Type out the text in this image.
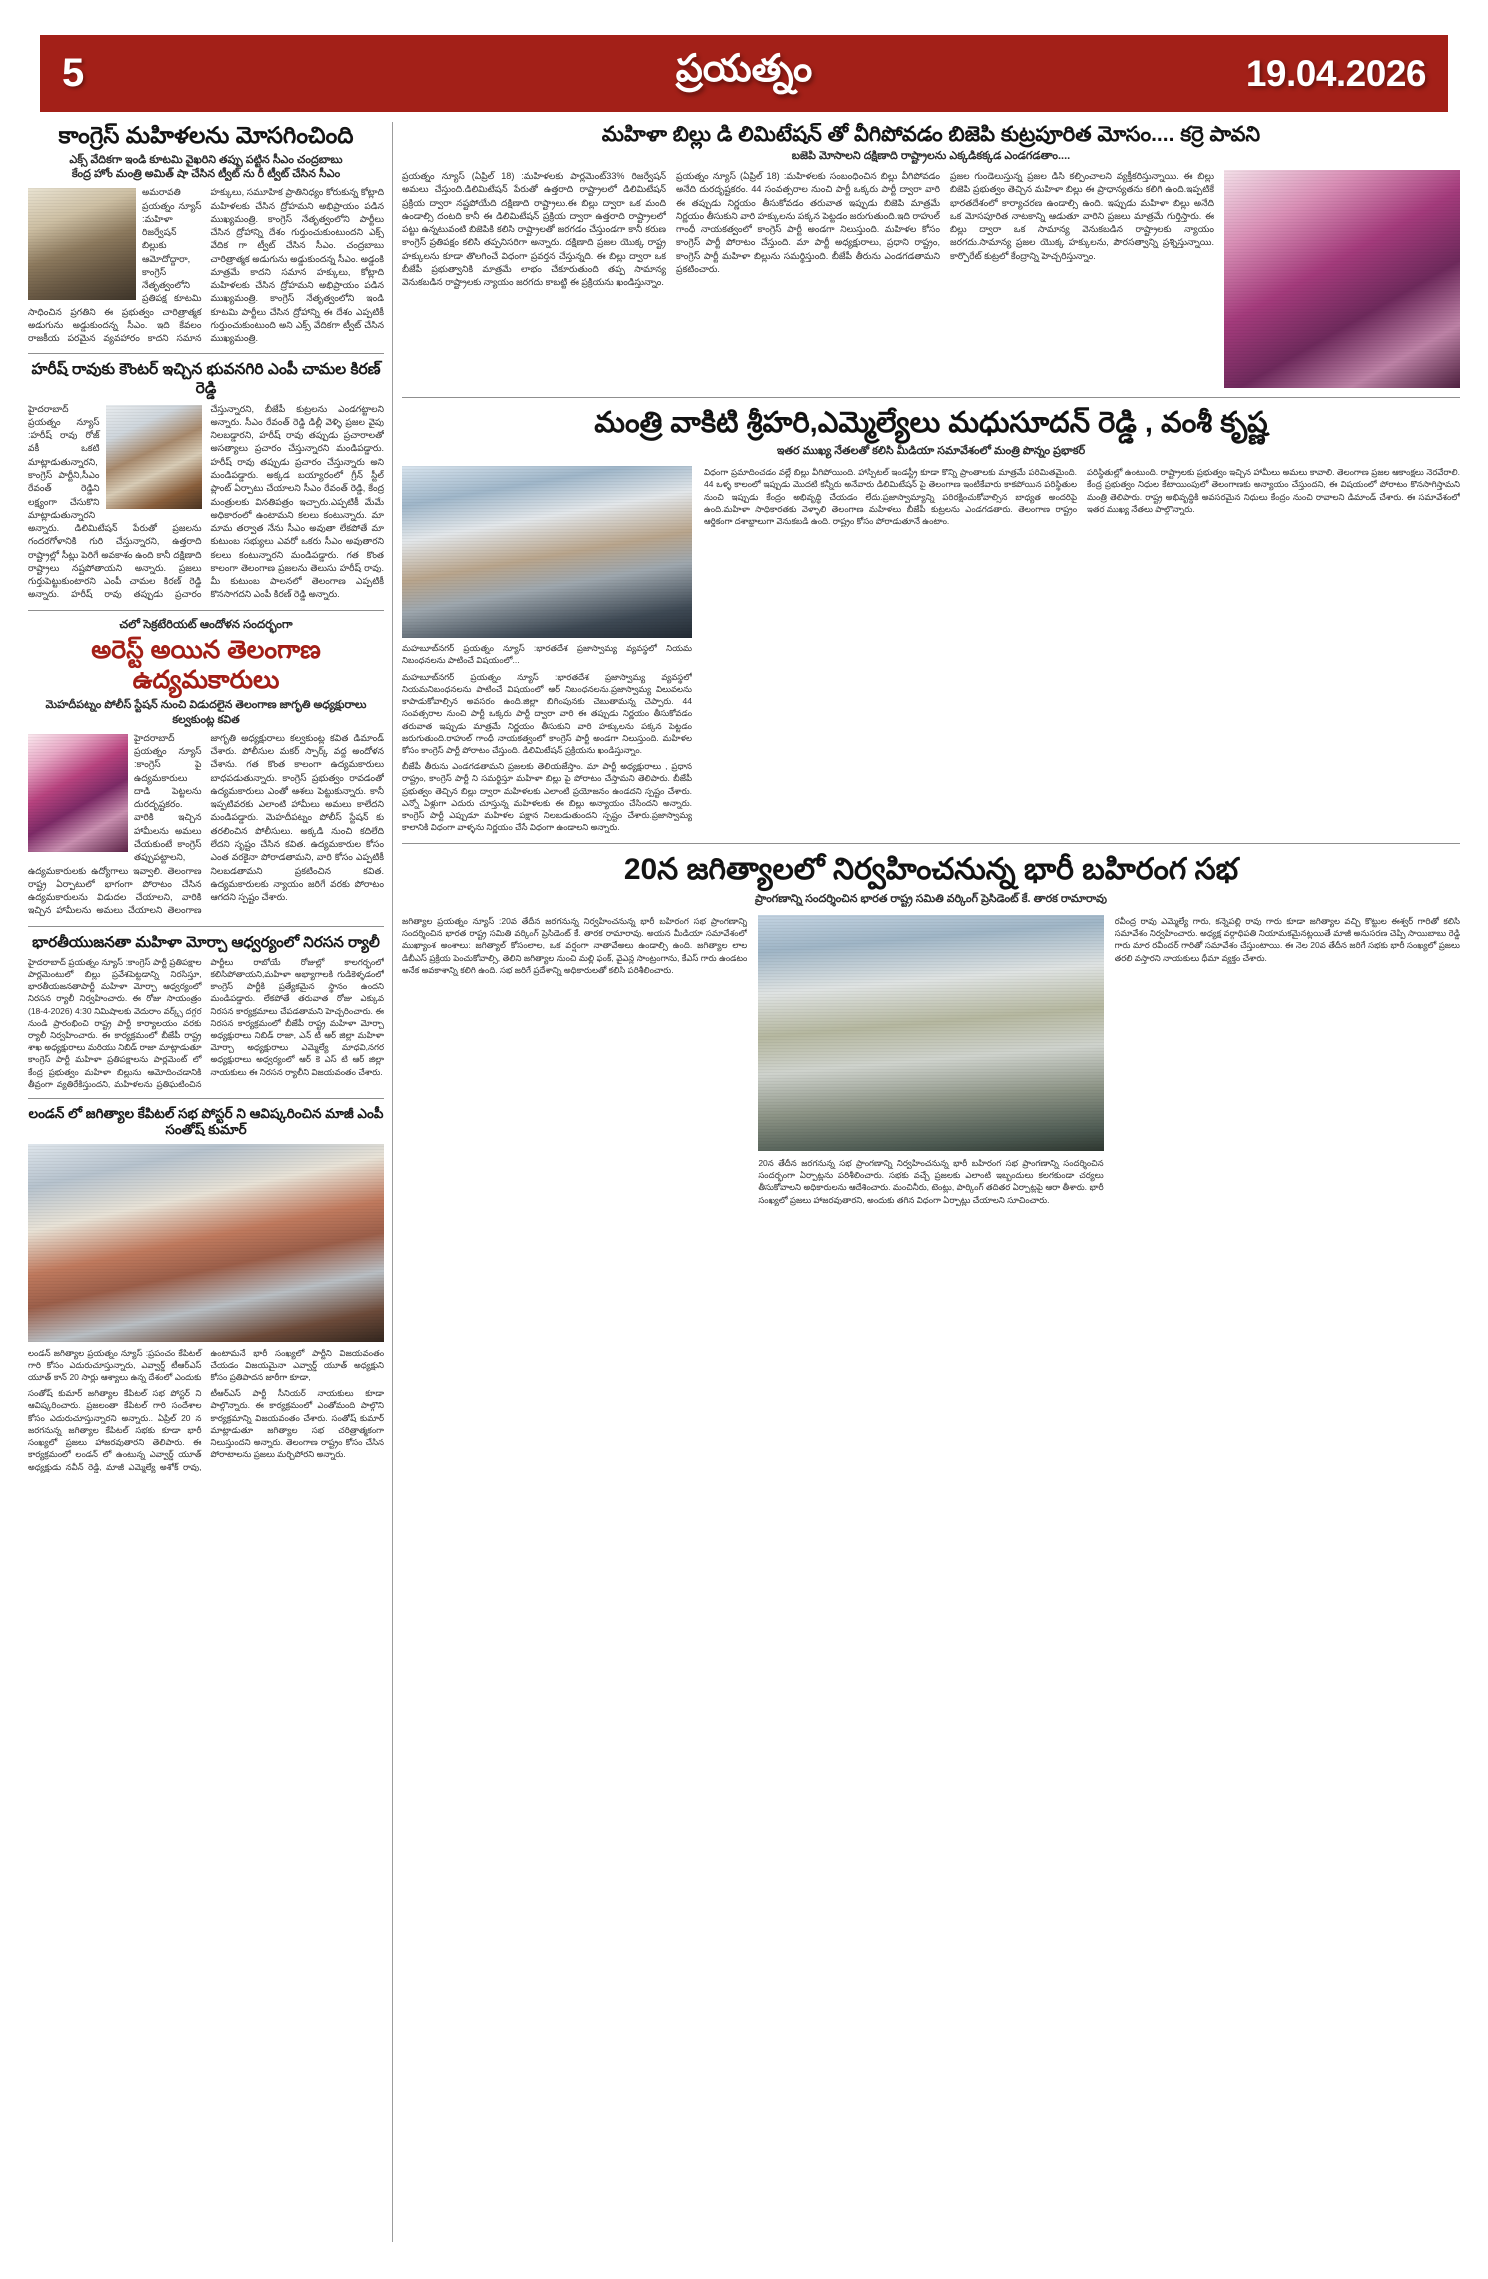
5	ప్రయత్నం	19.04.2026
కాంగ్రెస్ మహిళలను మోసగించింది
ఎక్స్ వేదికగా ఇండి కూటమి వైఖరిని తప్పు పట్టిన సీఎం చంద్రబాబు
కేంద్ర హోం మంత్రి అమిత్ షా చేసిన ట్వీట్ ను రీ ట్వీట్ చేసిన సీఎం
అమరావతి ప్రయత్నం న్యూస్ :మహిళా రిజర్వేషన్ బిల్లుకు ఆమోదోద్దారా, కాంగ్రెస్ నేతృత్వంలోని ప్రతిపక్ష కూటమి సాధించిన ప్రగతిని ఈ ప్రభుత్వం చారిత్రాత్మక అడుగును అడ్డుకుందన్న సీఎం. ఇది కేవలం రాజకీయ పరమైన వ్యవహారం కాదని సమాన హక్కులు, సమూహిక ప్రాతినిధ్యం కోరుకున్న కోట్లాది మహిళలకు చేసిన ద్రోహమని అభిప్రాయం పడిన ముఖ్యమంత్రి. కాంగ్రెస్ నేతృత్వంలోని పార్టీలు చేసిన ద్రోహాన్ని దేశం గుర్తుంచుకుంటుందని ఎక్స్ వేదిక గా ట్వీట్ చేసిన సీఎం. చంద్రబాబు చారిత్రాత్మక అడుగును అడ్డుకుందన్న సీఎం. అడ్డంకి మాత్రమే కాదని సమాన హక్కులు, కోట్లాది మహిళలకు చేసిన ద్రోహమని అభిప్రాయం పడిన ముఖ్యమంత్రి. కాంగ్రెస్ నేతృత్వంలోని ఇండి కూటమి పార్టీలు చేసిన ద్రోహాన్ని ఈ దేశం ఎప్పటికీ గుర్తుంచుకుంటుంది అని ఎక్స్ వేదికగా ట్వీట్ చేసిన ముఖ్యమంత్రి.
హరీష్ రావుకు కౌంటర్ ఇచ్చిన భువనగిరి ఎంపీ చామల కిరణ్ రెడ్డి
హైదరాబాద్ ప్రయత్నం న్యూస్ :హరీష్ రావు రోజ్ వకీ ఒకటి మాట్లాడుతున్నారని, కాంగ్రెస్ పార్టీని,సీఎం రేవంత్ రెడ్డిని లక్ష్యంగా చేసుకొని మాట్లాడుతున్నారని అన్నారు. డిలిమిటేషన్ పేరుతో ప్రజలను గందరగోళానికి గురి చేస్తున్నారని, ఉత్తరాది రాష్ట్రాల్లో సీట్లు పెరిగే అవకాశం ఉంది కానీ దక్షిణాది రాష్ట్రాలు నష్టపోతాయని అన్నారు. ప్రజలు గుర్తుపెట్టుకుంటారని ఎంపీ చామల కిరణ్ రెడ్డి అన్నారు. హరీష్ రావు తప్పుడు ప్రచారం చేస్తున్నారని, బీజేపీ కుట్రలను ఎండగట్టాలని అన్నారు. సీఎం రేవంత్ రెడ్డి డిల్లీ వెళ్ళి ప్రజల వైపు నిలబడ్డారని, హరీష్ రావు తప్పుడు ప్రచారాలతో అసత్యాలు ప్రచారం చేస్తున్నారని మండిపడ్డారు. హరీష్ రావు తప్పుడు ప్రచారం చేస్తున్నారు అని మండిపడ్డారు. అక్కడ బయ్యారంలో గ్రీన్ స్టీల్ ప్లాంట్ ఏర్పాటు చేయాలని సీఎం రేవంత్ రెడ్డి, కేంద్ర మంత్రులకు వినతిపత్రం ఇచ్చారు.ఎప్పటికీ మేమే అధికారంలో ఉంటామని కలలు కంటున్నారు. మా మామ తర్వాత నేను సీఎం అవుతా లేకపోతే మా కుటుంబ సభ్యులు ఎవరో ఒకరు సీఎం అవుతారని కలలు కంటున్నారని మండిపడ్డారు. గత కొంత కాలంగా తెలంగాణ ప్రజలను తెలుసు హరీష్ రావు. మీ కుటుంబ పాలనలో తెలంగాణ ఎప్పటికీ కొనసాగదని ఎంపీ కిరణ్ రెడ్డి అన్నారు.
చలో సెక్రటేరియట్ ఆందోళన సందర్భంగా
అరెస్ట్ అయిన తెలంగాణ ఉద్యమకారులు
మెహదీపట్నం పోలీస్ స్టేషన్ నుంచి విడుదలైన తెలంగాణ జాగృతి అధ్యక్షురాలు కల్వకుంట్ల కవిత
హైదరాబాద్ ప్రయత్నం న్యూస్ :కాంగ్రెస్ పై ఉద్యమకారులు దాడి పెట్టలను దురదృష్టకరం. వారికి ఇచ్చిన హామీలను అమలు చేయకుంటే కాంగ్రెస్ తప్పుపట్టాలని, ఉద్యమకారులకు ఉద్యోగాలు ఇవ్వాలి. తెలంగాణ రాష్ట్ర ఏర్పాటులో భాగంగా పోరాటం చేసిన ఉద్యమకారులను విడుదల చేయాలని, వారికి ఇచ్చిన హామీలను అమలు చేయాలని తెలంగాణ జాగృతి అధ్యక్షురాలు కల్వకుంట్ల కవిత డిమాండ్ చేశారు. పోలీసుల మకర్ స్పార్క్ వద్ద అందోళన చేశాను. గత కొంత కాలంగా ఉద్యమకారులు బాధపడుతున్నారు. కాంగ్రెస్ ప్రభుత్వం రావడంతో ఉద్యమకారులు ఎంతో ఆశలు పెట్టుకున్నారు. కానీ ఇప్పటివరకు ఎలాంటి హామీలు అమలు కాలేదని మండిపడ్డారు. మెహదీపట్నం పోలీస్ స్టేషన్ కు తరలించిన పోలీసులు. అక్కడి నుంచి కదిలేది లేదని సృష్టం చేసిన కవిత. ఉద్యమకారుల కోసం ఎంత వరకైనా పోరాడతామని, వారి కోసం ఎప్పటికీ నిలబడతామని ప్రకటించిన కవిత. ఉద్యమకారులకు న్యాయం జరిగే వరకు పోరాటం ఆగదని స్పష్టం చేశారు.
భారతీయుజనతా మహిళా మోర్చా ఆధ్వర్యంలో నిరసన ర్యాలీ
హైదరాబాద్ ప్రయత్నం న్యూస్ :కాంగ్రెస్ పార్టీ ప్రతిపక్షాల పార్లమెంటులో బిల్లు ప్రవేశపెట్టడాన్ని నిరసిస్తూ, భారతీయజనతాపార్టీ మహిళా మోర్చా ఆధ్వర్యంలో నిరసన ర్యాలీ నిర్వహించారు. ఈ రోజు సాయంత్రం (18-4-2026) 4:30 నిమిషాలకు వెదురాం వర్క్స్ దగ్గర నుండి ప్రారంభించి రాష్ట్ర పార్టీ కార్యాలయం వరకు ర్యాలీ నిర్వహించారు. ఈ కార్యక్రమంలో బీజేపీ రాష్ట్ర శాఖ అధ్యక్షురాలు మరియు నిబిడ్ రాజా మాట్లాడుతూ కాంగ్రెస్ పార్టీ మహిళా ప్రతిపక్షాలను పార్లమెంట్ లో కేంద్ర ప్రభుత్వం మహిళా బిల్లును ఆమోదించడానికి తీవ్రంగా వ్యతిరేకిస్తుందని, మహిళలను ప్రతిఘటించిన పార్టీలు రాబోయే రోజుల్లో కాలగర్భంలో కలిసిపోతాయని,మహిళా అభ్యాగాలకి గుడికెళ్ళడంలో కాంగ్రెస్ పార్టీకి ప్రత్యేకమైన స్థానం ఉందని మండిపడ్డారు. లేకపోతే తరువాత రోజు ఎక్కువ నిరసన కార్యక్రమాలు చేపడతామని హెచ్చరించారు. ఈ నిరసన కార్యక్రమంలో బీజేపీ రాష్ట్ర మహిళా మోర్చా అధ్యక్షురాలు నిబిడ్ రాజా, ఎన్ టీ ఆర్ జిల్లా మహిళా మోర్చా అధ్యక్షురాలు ఎమ్మెల్యే మాధవి,నగర అధ్యక్షురాలు అధ్వర్యంలో ఆర్ కె ఎస్ టి ఆర్ జిల్లా నాయకులు ఈ నిరసన ర్యాలీని విజయవంతం చేశారు.
లండన్ లో జగిత్యాల కేపిటల్ సభ పోస్టర్ ని ఆవిష్కరించిన మాజీ ఎంపీ సంతోష్ కుమార్
లండన్ జగిత్యాల ప్రయత్నం న్యూస్ :ప్రపంచం కేపిటల్ గారి కోసం ఎదురుచూస్తున్నారు, ఎవ్వార్డ్ టీఆర్ఎస్ యూత్ కాన్ 20 సార్లు ఆశ్యాలు ఉన్న దేశంలో ఎందుకు ఉంటామనే భారీ సంఖ్యలో పార్టీని విజయవంతం చేయడం విజయమైనా ఎవ్వార్డ్ యూత్ అధ్యక్షుని కోసం ప్రతిపాదన జారీగా కూడా,
సంతోష్ కుమార్ జగిత్యాల కేపిటల్ సభ పోస్టర్ ని ఆవిష్కరించారు. ప్రజలంతా కేపిటల్ గారి సందేశాల కోసం ఎదురుచూస్తున్నారని అన్నారు.. ఏప్రిల్ 20 న జరగనున్న జగిత్యాల కేపిటల్ సభకు కూడా భారీ సంఖ్యలో ప్రజలు హాజరవుతారని తెలిపారు. ఈ కార్యక్రమంలో లండన్ లో ఉంటున్న ఎవ్వార్డ్ యూత్ అధ్యక్షుడు నవీన్ రెడ్డి, మాజీ ఎమ్మెల్యే అశోక్ రావు, టీఆర్ఎస్ పార్టీ సీనియర్ నాయకులు కూడా పాల్గొన్నారు. ఈ కార్యక్రమంలో ఎంతోమంది పాల్గొని కార్యక్రమాన్ని విజయవంతం చేశారు. సంతోష్ కుమార్ మాట్లాడుతూ జగిత్యాల సభ చరిత్రాత్మకంగా నిలుస్తుందని అన్నారు. తెలంగాణ రాష్ట్రం కోసం చేసిన పోరాటాలను ప్రజలు మర్చిపోరని అన్నారు.
మహిళా బిల్లు డి లిమిటేషన్ తో వీగిపోవడం బిజెపి కుట్రపూరిత మోసం.... కర్రె పావని
బజెపి మోసాలని దక్షిణాది రాష్ట్రాలను ఎక్కడికక్కడ ఎండగడతాం....
ప్రయత్నం న్యూస్ (ఏప్రిల్ 18) :మహిళలకు పార్లమెంట్33% రిజర్వేషన్ అమలు చేస్తుంది.డిలిమిటేషన్ పేరుతో ఉత్తరాది రాష్ట్రాలలో డిలిమిటేషన్ ప్రక్రియ ద్వారా నష్టపోయేది దక్షిణాది రాష్ట్రాలు.ఈ బిల్లు ద్వారా ఒక మంది ఉండాల్సి దంటది కానీ ఈ డిలిమిటేషన్ ప్రక్రియ ద్వారా ఉత్తరాది రాష్ట్రాలలో పట్టు ఉన్నటువంటి బిజెపికి కలిసి రాష్ట్రాలతో జరగడం చేస్తుండగా కానీ కరుణ కాంగ్రెస్ ప్రతిపక్షం కలిసి తప్పనిసరిగా అన్నారు. దక్షిణాది ప్రజల యొక్క రాష్ట్ర హక్కులను కూడా తొలగించే విధంగా ప్రవర్తన చేస్తున్నది. ఈ బిల్లు ద్వారా ఒక బీజేపీ ప్రభుత్వానికి మాత్రమే లాభం చేకూరుతుంది తప్ప సామాన్య వెనుకబడిన రాష్ట్రాలకు న్యాయం జరగదు కాబట్టి ఈ ప్రక్రియను ఖండిస్తున్నాం.
ప్రయత్నం న్యూస్ (ఏప్రిల్ 18) :మహిళలకు సంబంధించిన బిల్లు వీగిపోవడం అనేది దురదృష్టకరం. 44 సంవత్సరాల నుంచి పార్టీ ఒక్కరు పార్టీ ద్వారా వారి ఈ తప్పుడు నిర్ణయం తీసుకోవడం తరువాత ఇప్పుడు బిజెపి మాత్రమే నిర్ణయం తీసుకుని వారి హక్కులను పక్కన పెట్టడం జరుగుతుంది.ఇది రాహుల్ గాంధీ నాయకత్వంలో కాంగ్రెస్ పార్టీ అండగా నిలుస్తుంది. మహిళల కోసం కాంగ్రెస్ పార్టీ పోరాటం చేస్తుంది. మా పార్టీ అధ్యక్షురాలు, ప్రధాని రాష్ట్రం, కాంగ్రెస్ పార్టీ మహిళా బిల్లును సమర్థిస్తుంది. బీజేపీ తీరును ఎండగడతామని ప్రకటించారు.
ప్రజల గుండెలుస్తున్న ప్రజల డిసి కల్పించాలని వ్యక్తీకరిస్తున్నాయి. ఈ బిల్లు బిజెపి ప్రభుత్వం తెచ్చిన మహిళా బిల్లు ఈ ప్రాధాన్యతను కలిగి ఉంది.ఇప్పటికే భారతదేశంలో కార్యాచరణ ఉండాల్సి ఉంది. ఇప్పుడు మహిళా బిల్లు అనేది ఒక మోసపూరిత నాటకాన్ని ఆడుతూ వారిని ప్రజలు మాత్రమే గుర్తిస్తారు. ఈ బిల్లు ద్వారా ఒక సామాన్య వెనుకబడిన రాష్ట్రాలకు న్యాయం జరగదు.సామాన్య ప్రజల యొక్క హక్కులను, పౌరసత్వాన్ని ప్రశ్నిస్తున్నాయి. కార్పొరేట్ కుట్రలో కేంద్రాన్ని హెచ్చరిస్తున్నాం.
మంత్రి వాకిటి శ్రీహరి,ఎమ్మెల్యేలు మధుసూదన్ రెడ్డి , వంశీ కృష్ణ
ఇతర ముఖ్య నేతలతో కలిసి మీడియా సమావేశంలో మంత్రి పొన్నం ప్రభాకర్
మహబూబ్‌నగర్ ప్రయత్నం న్యూస్ :భారతదేశ ప్రజాస్వామ్య వ్యవస్థలో నియమ నిబంధనలను పాటించే విషయంలో...
మహబూబ్‌నగర్ ప్రయత్నం న్యూస్ :భారతదేశ ప్రజాస్వామ్య వ్యవస్థలో నియమనిబంధనలను పాటించే విషయంలో ఆర్ నిబంధనలను.ప్రజాస్వామ్య విలువలను కాపాడుకోవాల్సిన అవసరం ఉంది.జిల్లా బిగింపునకు చెబుతామన్న చెప్పారు. 44 సంవత్సరాల నుంచి పార్టీ ఒక్కరు పార్టీ ద్వారా వారి ఈ తప్పుడు నిర్ణయం తీసుకోవడం తరువాత ఇప్పుడు మాత్రమే నిర్ణయం తీసుకుని వారి హక్కులను పక్కన పెట్టడం జరుగుతుంది.రాహుల్ గాంధీ నాయకత్వంలో కాంగ్రెస్ పార్టీ అండగా నిలుస్తుంది. మహిళల కోసం కాంగ్రెస్ పార్టీ పోరాటం చేస్తుంది. డిలిమిటేషన్ ప్రక్రియను ఖండిస్తున్నాం.
బీజేపీ తీరును ఎండగడతామని ప్రజలకు తెలియజేస్తాం. మా పార్టీ అధ్యక్షురాలు , ప్రధాన రాష్ట్రం, కాంగ్రెస్ పార్టీ ని సమర్థిస్తూ మహిళా బిల్లు పై పోరాటం చేస్తామని తెలిపారు. బీజేపీ ప్రభుత్వం తెచ్చిన బిల్లు ద్వారా మహిళలకు ఎలాంటి ప్రయోజనం ఉండదని స్పష్టం చేశారు. ఎన్నో ఏళ్లుగా ఎదురు చూస్తున్న మహిళలకు ఈ బిల్లు అన్యాయం చేసిందని అన్నారు. కాంగ్రెస్ పార్టీ ఎప్పుడూ మహిళల పక్షాన నిలబడుతుందని స్పష్టం చేశారు.ప్రజాస్వామ్య కాలానికి విధంగా వాళ్ళను నిర్ణయం చేసే విధంగా ఉండాలని అన్నారు.
విధంగా ప్రమాదించడం వల్లే బిల్లు వీగిపోయింది. హాస్పిటల్ ఇండస్ట్రీ కూడా కొన్ని ప్రాంతాలకు మాత్రమే పరిమితమైంది. 44 ఒళ్ళ కాలంలో ఇప్పుడు మొదటి కన్నీరు అనేవారు డిలిమిటేషన్ పై తెలంగాణ ఇంటికేవారు కాకపోయిన పరిస్థితుల నుంచి ఇప్పుడు కేంద్రం అభివృద్ధి చేయడం లేదు.ప్రజాస్వామ్యాన్ని పరిరక్షించుకోవాల్సిన బాధ్యత అందరిపై ఉంది.మహిళా సాధికారతకు వెళ్ళాలి తెలంగాణ మహిళలు బీజేపీ కుట్రలను ఎండగడతారు. తెలంగాణ రాష్ట్రం ఆర్థికంగా దశాబ్దాలుగా వెనుకబడి ఉంది. రాష్ట్రం కోసం పోరాడుతూనే ఉంటాం.
పరిస్థితుల్లో ఉంటుంది. రాష్ట్రాలకు ప్రభుత్వం ఇచ్చిన హామీలు అమలు కావాలి. తెలంగాణ ప్రజల ఆకాంక్షలు నెరవేరాలి. కేంద్ర ప్రభుత్వం నిధుల కేటాయింపులో తెలంగాణకు అన్యాయం చేస్తుందని, ఈ విషయంలో పోరాటం కొనసాగిస్తామని మంత్రి తెలిపారు. రాష్ట్ర అభివృద్ధికి అవసరమైన నిధులు కేంద్రం నుంచి రావాలని డిమాండ్ చేశారు. ఈ సమావేశంలో ఇతర ముఖ్య నేతలు పాల్గొన్నారు.
20న జగిత్యాలలో నిర్వహించనున్న భారీ బహిరంగ సభ
ప్రాంగణాన్ని సందర్శించిన భారత రాష్ట్ర సమితి వర్కింగ్ ప్రెసిడెంట్ కే. తారక రామారావు
జగిత్యాల ప్రయత్నం న్యూస్ :20వ తేదీన జరగనున్న నిర్వహించనున్న భారీ బహిరంగ సభ ప్రాంగణాన్ని సందర్శించిన భారత రాష్ట్ర సమితి వర్కింగ్ ప్రెసిడెంట్ కే. తారక రామారావు. అయన మీడియా సమావేశంలో ముఖ్యాంశ అంశాలు: జగిత్యాల్ కోసంలాల, ఒక వర్షంగా నాతావేఅలు ఉండాల్సి ఉంది. జగిత్యాల లాల డిబీఎస్ ప్రక్రియ పెంచుకోవాల్సి, తెలిని జగిత్యాల నుంచి మల్లి ఫంక్, వైఎన్ల సాంట్రంగాను, కేఎస్ గారు ఉండటం అనేక అవకాశాన్ని కలిగి ఉంది. సభ జరిగే ప్రదేశాన్ని అధికారులతో కలిసి పరిశీలించారు.
20న తేదీన జరగనున్న సభ ప్రాంగణాన్ని నిర్వహించనున్న భారీ బహిరంగ సభ ప్రాంగణాన్ని సందర్శించిన సందర్భంగా ఏర్పాట్లను పరిశీలించారు. సభకు వచ్చే ప్రజలకు ఎలాంటి ఇబ్బందులు కలగకుండా చర్యలు తీసుకోవాలని అధికారులను ఆదేశించారు. మంచినీరు, టెంట్లు, పార్కింగ్ తదితర ఏర్పాట్లపై ఆరా తీశారు. భారీ సంఖ్యలో ప్రజలు హాజరవుతారని, అందుకు తగిన విధంగా ఏర్పాట్లు చేయాలని సూచించారు.
రవీంద్ర రావు ఎమ్మెల్యే గారు, కన్నెపల్లి రావు గారు కూడా జగిత్యాల వచ్చి కొట్టుల ఈశ్వర్ గారితో కలిసి సమావేశం నిర్వహించారు. అధ్యక్ష వర్గాధిపతి నియామకమైనట్లయితే మాజీ అనుసరణ చెప్పి సాయిబాబు రెడ్డి గారు మార రవీందర్ గారితో సమావేశం చేస్తుంటాయి. ఈ నెల 20వ తేదీన జరిగే సభకు భారీ సంఖ్యలో ప్రజలు తరలి వస్తారని నాయకులు ధీమా వ్యక్తం చేశారు.
